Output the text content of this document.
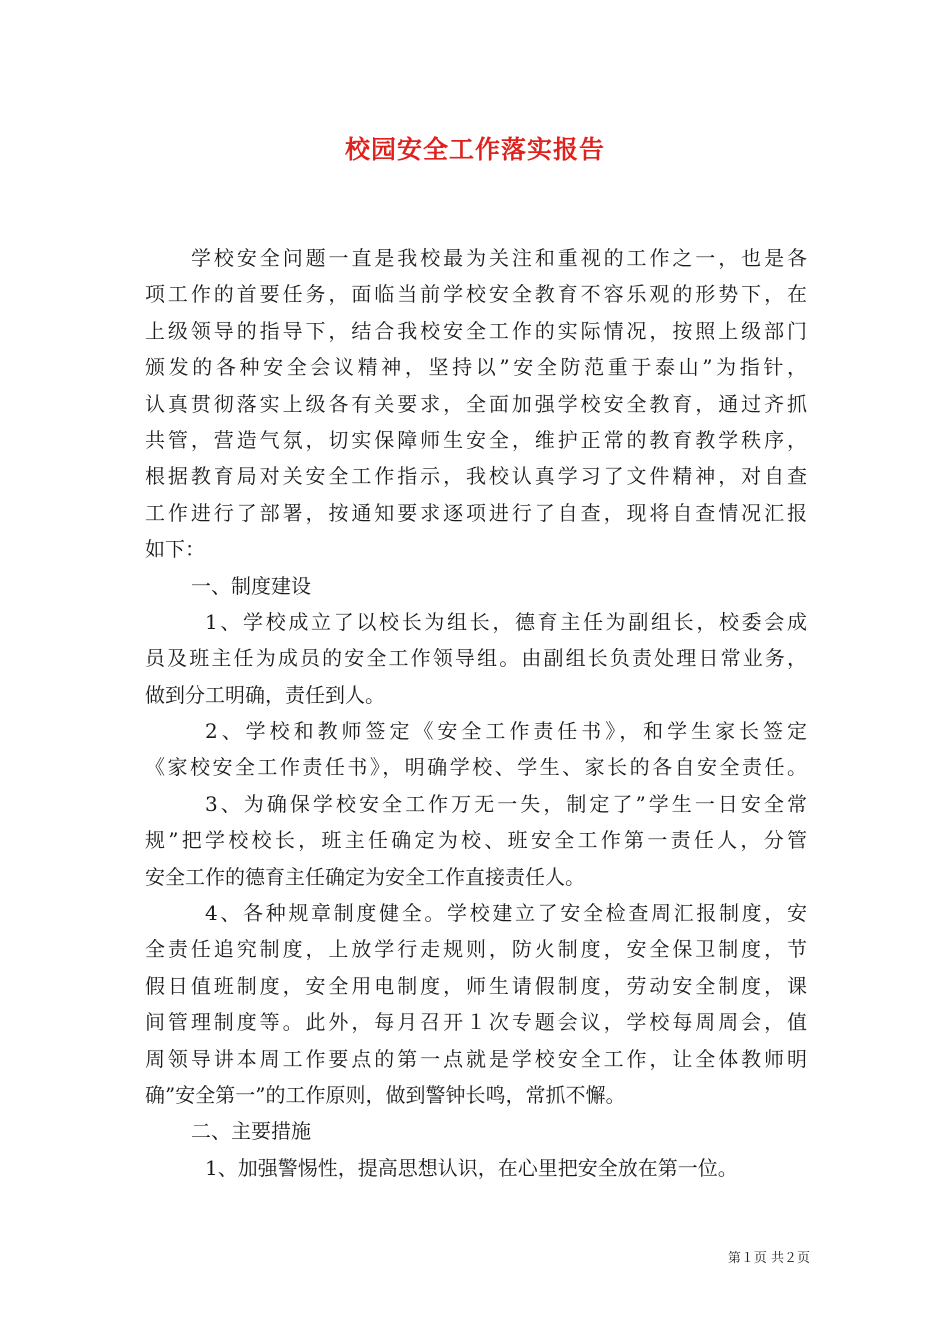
校园安全工作落实报告
学校安全问题一直是我校最为关注和重视的工作之一，也是各
项工作的首要任务，面临当前学校安全教育不容乐观的形势下，在
上级领导的指导下，结合我校安全工作的实际情况，按照上级部门
颁发的各种安全会议精神，坚持以”安全防范重于泰山”为指针，
认真贯彻落实上级各有关要求，全面加强学校安全教育，通过齐抓
共管，营造气氛，切实保障师生安全，维护正常的教育教学秩序，
根据教育局对关安全工作指示，我校认真学习了文件精神，对自查
工作进行了部署，按通知要求逐项进行了自查，现将自查情况汇报
如下：
一、制度建设
1、学校成立了以校长为组长，德育主任为副组长，校委会成
员及班主任为成员的安全工作领导组。由副组长负责处理日常业务，
做到分工明确，责任到人。
2、学校和教师签定《安全工作责任书》，和学生家长签定
《家校安全工作责任书》，明确学校、学生、家长的各自安全责任。
3、为确保学校安全工作万无一失，制定了”学生一日安全常
规”把学校校长，班主任确定为校、班安全工作第一责任人，分管
安全工作的德育主任确定为安全工作直接责任人。
4、各种规章制度健全。学校建立了安全检查周汇报制度，安
全责任追究制度，上放学行走规则，防火制度，安全保卫制度，节
假日值班制度，安全用电制度，师生请假制度，劳动安全制度，课
间管理制度等。此外，每月召开１次专题会议，学校每周周会，值
周领导讲本周工作要点的第一点就是学校安全工作，让全体教师明
确”安全第一”的工作原则，做到警钟长鸣，常抓不懈。
二、主要措施
1、加强警惕性，提高思想认识，在心里把安全放在第一位。
第１页 共２页
